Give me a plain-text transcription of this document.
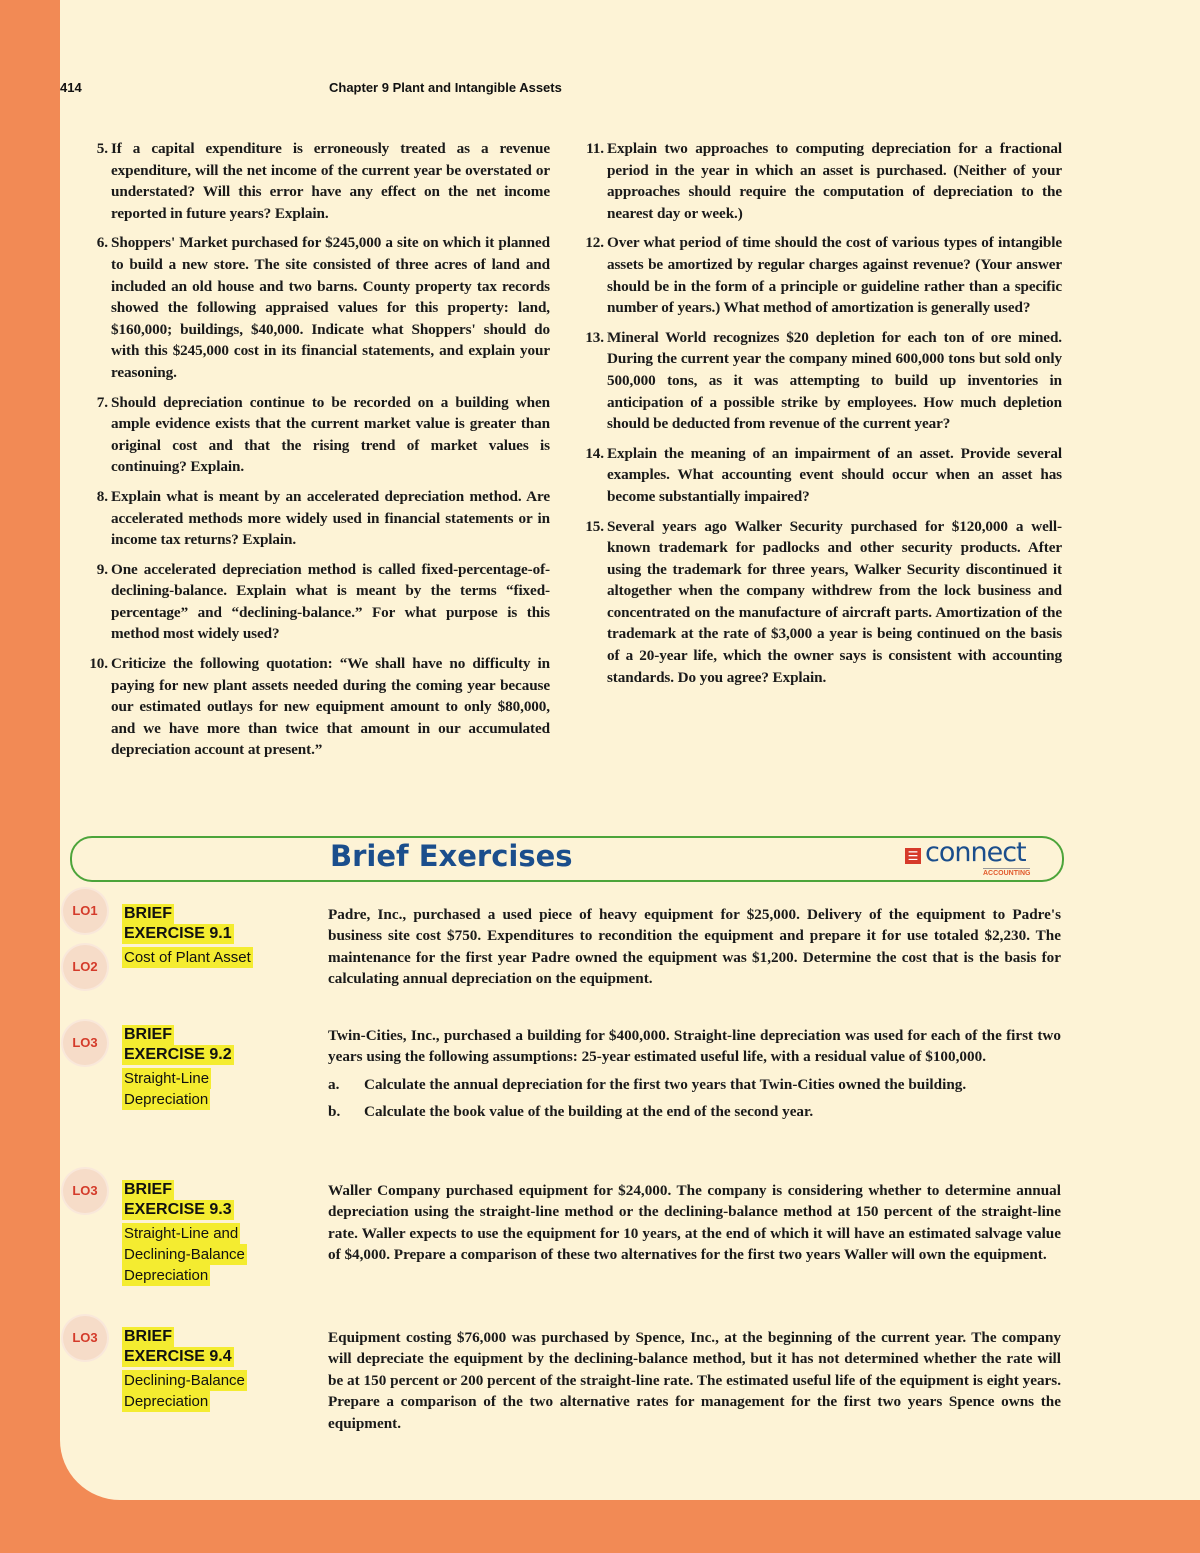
414	Chapter 9 Plant and Intangible Assets
5. If a capital expenditure is erroneously treated as a revenue expenditure, will the net income of the current year be overstated or understated? Will this error have any effect on the net income reported in future years? Explain.
6. Shoppers' Market purchased for $245,000 a site on which it planned to build a new store. The site consisted of three acres of land and included an old house and two barns. County property tax records showed the following appraised values for this property: land, $160,000; buildings, $40,000. Indicate what Shoppers' should do with this $245,000 cost in its financial statements, and explain your reasoning.
7. Should depreciation continue to be recorded on a building when ample evidence exists that the current market value is greater than original cost and that the rising trend of market values is continuing? Explain.
8. Explain what is meant by an accelerated depreciation method. Are accelerated methods more widely used in financial statements or in income tax returns? Explain.
9. One accelerated depreciation method is called fixed-percentage-of-declining-balance. Explain what is meant by the terms “fixed-percentage” and “declining-balance.” For what purpose is this method most widely used?
10. Criticize the following quotation: “We shall have no difficulty in paying for new plant assets needed during the coming year because our estimated outlays for new equipment amount to only $80,000, and we have more than twice that amount in our accumulated depreciation account at present.”
11. Explain two approaches to computing depreciation for a fractional period in the year in which an asset is purchased. (Neither of your approaches should require the computation of depreciation to the nearest day or week.)
12. Over what period of time should the cost of various types of intangible assets be amortized by regular charges against revenue? (Your answer should be in the form of a principle or guideline rather than a specific number of years.) What method of amortization is generally used?
13. Mineral World recognizes $20 depletion for each ton of ore mined. During the current year the company mined 600,000 tons but sold only 500,000 tons, as it was attempting to build up inventories in anticipation of a possible strike by employees. How much depletion should be deducted from revenue of the current year?
14. Explain the meaning of an impairment of an asset. Provide several examples. What accounting event should occur when an asset has become substantially impaired?
15. Several years ago Walker Security purchased for $120,000 a well-known trademark for padlocks and other security products. After using the trademark for three years, Walker Security discontinued it altogether when the company withdrew from the lock business and concentrated on the manufacture of aircraft parts. Amortization of the trademark at the rate of $3,000 a year is being continued on the basis of a 20-year life, which the owner says is consistent with accounting standards. Do you agree? Explain.
Brief Exercises	☰ connect
ACCOUNTING
LO1
LO2
BRIEF
EXERCISE 9.1
Cost of Plant Asset
Padre, Inc., purchased a used piece of heavy equipment for $25,000. Delivery of the equipment to Padre's business site cost $750. Expenditures to recondition the equipment and prepare it for use totaled $2,230. The maintenance for the first year Padre owned the equipment was $1,200. Determine the cost that is the basis for calculating annual depreciation on the equipment.
LO3	BRIEF
EXERCISE 9.2
Straight-Line
Depreciation
Twin-Cities, Inc., purchased a building for $400,000. Straight-line depreciation was used for each of the first two years using the following assumptions: 25-year estimated useful life, with a residual value of $100,000.
a. Calculate the annual depreciation for the first two years that Twin-Cities owned the building.
b. Calculate the book value of the building at the end of the second year.
LO3	BRIEF
EXERCISE 9.3
Straight-Line and
Declining-Balance
Depreciation
Waller Company purchased equipment for $24,000. The company is considering whether to determine annual depreciation using the straight-line method or the declining-balance method at 150 percent of the straight-line rate. Waller expects to use the equipment for 10 years, at the end of which it will have an estimated salvage value of $4,000. Prepare a comparison of these two alternatives for the first two years Waller will own the equipment.
LO3	BRIEF
EXERCISE 9.4
Declining-Balance
Depreciation
Equipment costing $76,000 was purchased by Spence, Inc., at the beginning of the current year. The company will depreciate the equipment by the declining-balance method, but it has not determined whether the rate will be at 150 percent or 200 percent of the straight-line rate. The estimated useful life of the equipment is eight years. Prepare a comparison of the two alternative rates for management for the first two years Spence owns the equipment.
